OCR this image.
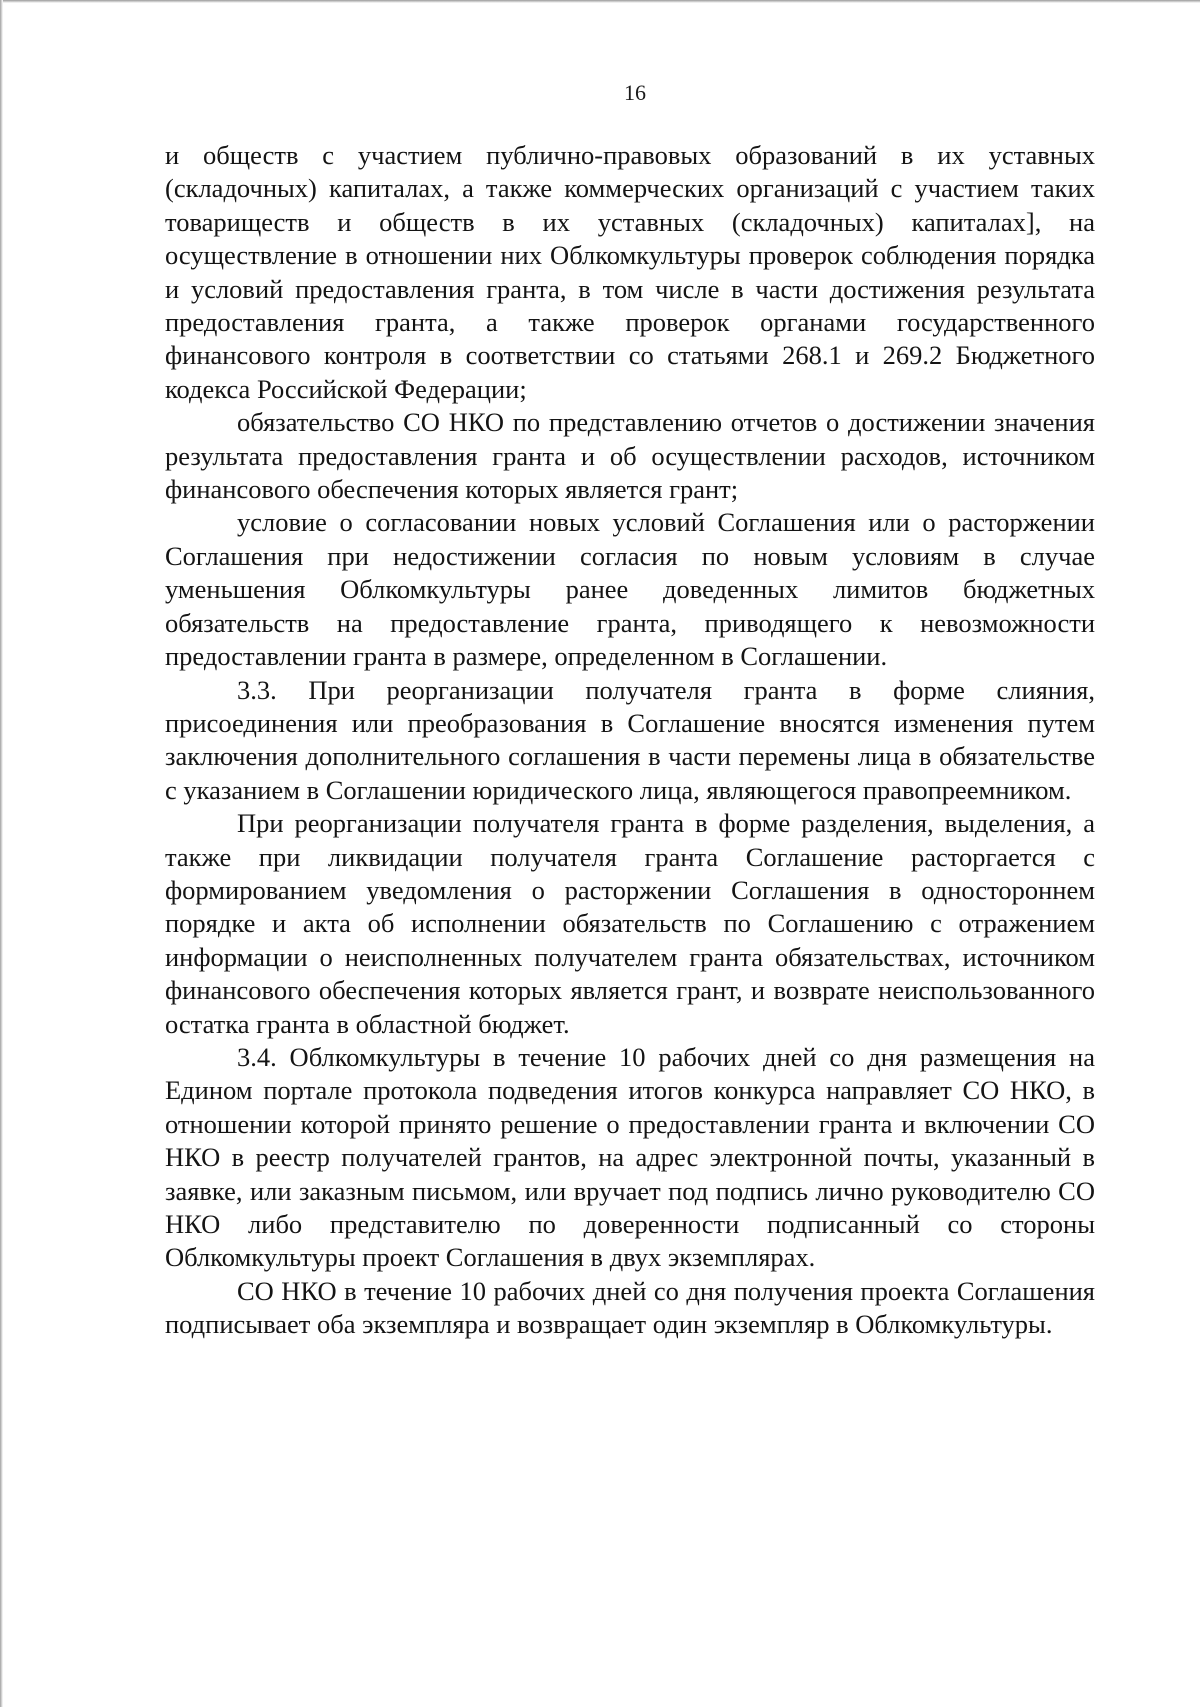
16

и обществ с участием публично-правовых образований в их уставных (складочных) капиталах, а также коммерческих организаций с участием таких товариществ и обществ в их уставных (складочных) капиталах], на осуществление в отношении них Облкомкультуры проверок соблюдения порядка и условий предоставления гранта, в том числе в части достижения результата предоставления гранта, а также проверок органами государственного финансового контроля в соответствии со статьями 268.1 и 269.2 Бюджетного кодекса Российской Федерации;

обязательство СО НКО по представлению отчетов о достижении значения результата предоставления гранта и об осуществлении расходов, источником финансового обеспечения которых является грант;

условие о согласовании новых условий Соглашения или о расторжении Соглашения при недостижении согласия по новым условиям в случае уменьшения Облкомкультуры ранее доведенных лимитов бюджетных обязательств на предоставление гранта, приводящего к невозможности предоставлении гранта в размере, определенном в Соглашении.

3.3. При реорганизации получателя гранта в форме слияния, присоединения или преобразования в Соглашение вносятся изменения путем заключения дополнительного соглашения в части перемены лица в обязательстве с указанием в Соглашении юридического лица, являющегося правопреемником.

При реорганизации получателя гранта в форме разделения, выделения, а также при ликвидации получателя гранта Соглашение расторгается с формированием уведомления о расторжении Соглашения в одностороннем порядке и акта об исполнении обязательств по Соглашению с отражением информации о неисполненных получателем гранта обязательствах, источником финансового обеспечения которых является грант, и возврате неиспользованного остатка гранта в областной бюджет.

3.4. Облкомкультуры в течение 10 рабочих дней со дня размещения на Едином портале протокола подведения итогов конкурса направляет СО НКО, в отношении которой принято решение о предоставлении гранта и включении СО НКО в реестр получателей грантов, на адрес электронной почты, указанный в заявке, или заказным письмом, или вручает под подпись лично руководителю СО НКО либо представителю по доверенности подписанный со стороны Облкомкультуры проект Соглашения в двух экземплярах.

СО НКО в течение 10 рабочих дней со дня получения проекта Соглашения подписывает оба экземпляра и возвращает один экземпляр в Облкомкультуры.
